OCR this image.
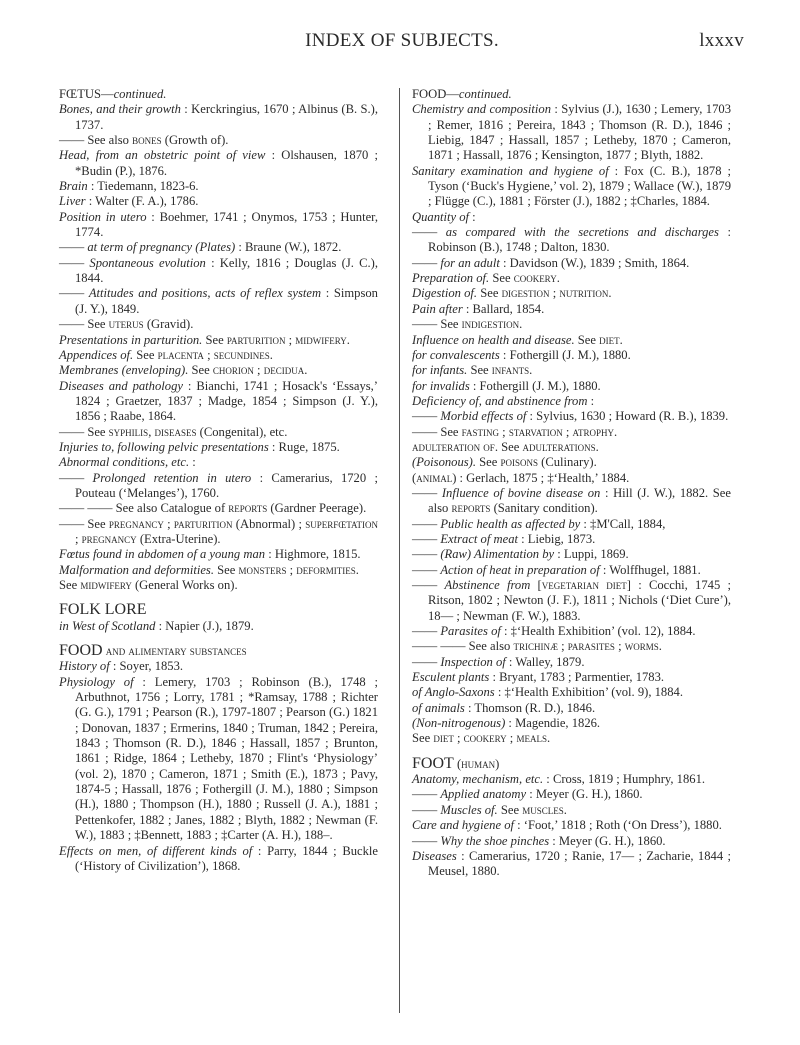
INDEX OF SUBJECTS.	lxxxv
FŒTUS—continued.
Bones, and their growth : Kerckringius, 1670 ; Albinus (B. S.), 1737.
—— See also bones (Growth of).
Head, from an obstetric point of view : Olshausen, 1870 ; *Budin (P.), 1876.
Brain : Tiedemann, 1823-6.
Liver : Walter (F. A.), 1786.
Position in utero : Boehmer, 1741 ; Onymos, 1753 ; Hunter, 1774.
—— at term of pregnancy (Plates) : Braune (W.), 1872.
—— Spontaneous evolution : Kelly, 1816 ; Douglas (J. C.), 1844.
—— Attitudes and positions, acts of reflex system : Simpson (J. Y.), 1849.
—— See uterus (Gravid).
Presentations in parturition. See parturition ; midwifery.
Appendices of. See placenta ; secundines.
Membranes (enveloping). See chorion ; decidua.
Diseases and pathology : Bianchi, 1741 ; Hosack's ‘Essays,’ 1824 ; Graetzer, 1837 ; Madge, 1854 ; Simpson (J. Y.), 1856 ; Raabe, 1864.
—— See syphilis, diseases (Congenital), etc.
Injuries to, following pelvic presentations : Ruge, 1875.
Abnormal conditions, etc. :
—— Prolonged retention in utero : Camerarius, 1720 ; Pouteau (‘Melanges’), 1760.
—— —— See also Catalogue of reports (Gardner Peerage).
—— See pregnancy ; parturition (Abnormal) ; superfœtation ; pregnancy (Extra-Uterine).
Fœtus found in abdomen of a young man : Highmore, 1815.
Malformation and deformities. See monsters ; deformities.
See midwifery (General Works on).
FOLK LORE
in West of Scotland : Napier (J.), 1879.
FOOD and alimentary substances
History of : Soyer, 1853.
Physiology of : Lemery, 1703 ; Robinson (B.), 1748 ; Arbuthnot, 1756 ; Lorry, 1781 ; *Ramsay, 1788 ; Richter (G. G.), 1791 ; Pearson (R.), 1797-1807 ; Pearson (G.) 1821 ; Donovan, 1837 ; Ermerins, 1840 ; Truman, 1842 ; Pereira, 1843 ; Thomson (R. D.), 1846 ; Hassall, 1857 ; Brunton, 1861 ; Ridge, 1864 ; Letheby, 1870 ; Flint's ‘Physiology’ (vol. 2), 1870 ; Cameron, 1871 ; Smith (E.), 1873 ; Pavy, 1874-5 ; Hassall, 1876 ; Fothergill (J. M.), 1880 ; Simpson (H.), 1880 ; Thompson (H.), 1880 ; Russell (J. A.), 1881 ; Pettenkofer, 1882 ; Janes, 1882 ; Blyth, 1882 ; Newman (F. W.), 1883 ; ‡Bennett, 1883 ; ‡Carter (A. H.), 188–.
Effects on men, of different kinds of : Parry, 1844 ; Buckle (‘History of Civilization’), 1868.
FOOD—continued.
Chemistry and composition : Sylvius (J.), 1630 ; Lemery, 1703 ; Remer, 1816 ; Pereira, 1843 ; Thomson (R. D.), 1846 ; Liebig, 1847 ; Hassall, 1857 ; Letheby, 1870 ; Cameron, 1871 ; Hassall, 1876 ; Kensington, 1877 ; Blyth, 1882.
Sanitary examination and hygiene of : Fox (C. B.), 1878 ; Tyson (‘Buck's Hygiene,’ vol. 2), 1879 ; Wallace (W.), 1879 ; Flügge (C.), 1881 ; Förster (J.), 1882 ; ‡Charles, 1884.
Quantity of :
—— as compared with the secretions and discharges : Robinson (B.), 1748 ; Dalton, 1830.
—— for an adult : Davidson (W.), 1839 ; Smith, 1864.
Preparation of. See cookery.
Digestion of. See digestion ; nutrition.
Pain after : Ballard, 1854.
—— See indigestion.
Influence on health and disease. See diet.
for convalescents : Fothergill (J. M.), 1880.
for infants. See infants.
for invalids : Fothergill (J. M.), 1880.
Deficiency of, and abstinence from :
—— Morbid effects of : Sylvius, 1630 ; Howard (R. B.), 1839.
—— See fasting ; starvation ; atrophy.
adulteration of. See adulterations.
(Poisonous). See poisons (Culinary).
(animal) : Gerlach, 1875 ; ‡‘Health,’ 1884.
—— Influence of bovine disease on : Hill (J. W.), 1882. See also reports (Sanitary condition).
—— Public health as affected by : ‡M'Call, 1884,
—— Extract of meat : Liebig, 1873.
—— (Raw) Alimentation by : Luppi, 1869.
—— Action of heat in preparation of : Wolffhugel, 1881.
—— Abstinence from [vegetarian diet] : Cocchi, 1745 ; Ritson, 1802 ; Newton (J. F.), 1811 ; Nichols (‘Diet Cure’), 18— ; Newman (F. W.), 1883.
—— Parasites of : ‡‘Health Exhibition’ (vol. 12), 1884.
—— —— See also trichinæ ; parasites ; worms.
—— Inspection of : Walley, 1879.
Esculent plants : Bryant, 1783 ; Parmentier, 1783.
of Anglo-Saxons : ‡‘Health Exhibition’ (vol. 9), 1884.
of animals : Thomson (R. D.), 1846.
(Non-nitrogenous) : Magendie, 1826.
See diet ; cookery ; meals.
FOOT (human)
Anatomy, mechanism, etc. : Cross, 1819 ; Humphry, 1861.
—— Applied anatomy : Meyer (G. H.), 1860.
—— Muscles of. See muscles.
Care and hygiene of : ‘Foot,’ 1818 ; Roth (‘On Dress’), 1880.
—— Why the shoe pinches : Meyer (G. H.), 1860.
Diseases : Camerarius, 1720 ; Ranie, 17— ; Zacharie, 1844 ; Meusel, 1880.
